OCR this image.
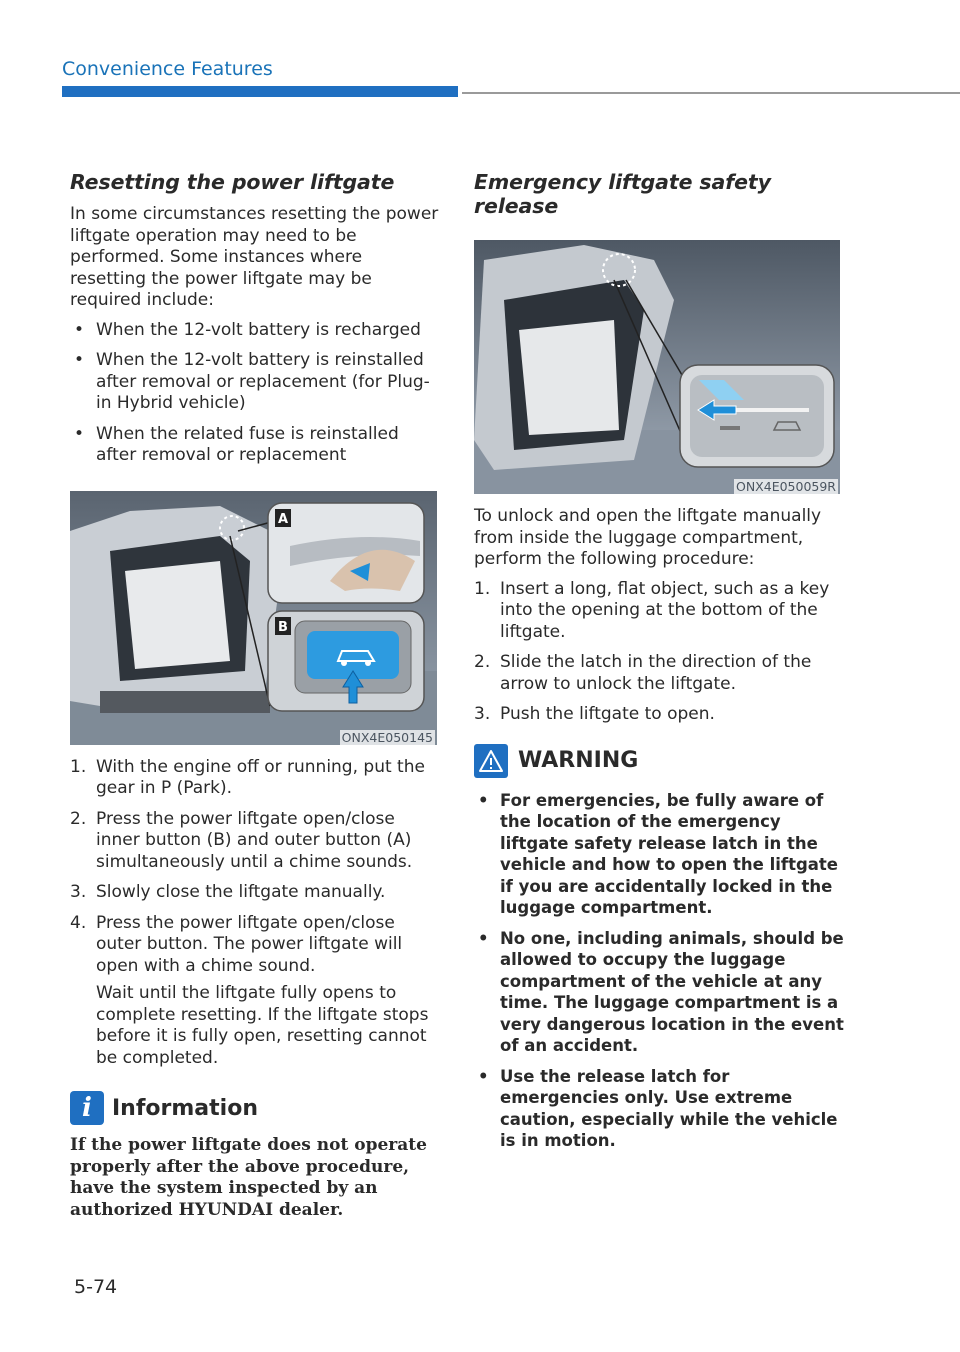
Convenience Features
Resetting the power liftgate

In some circumstances resetting the power liftgate operation may need to be performed. Some instances where resetting the power liftgate may be required include:

• When the 12-volt battery is recharged
• When the 12-volt battery is reinstalled after removal or replacement (for Plug-in Hybrid vehicle)
• When the related fuse is reinstalled after removal or replacement
A
B
ONX4E050145
1. With the engine off or running, put the gear in P (Park).
2. Press the power liftgate open/close inner button (B) and outer button (A) simultaneously until a chime sounds.
3. Slowly close the liftgate manually.
4. Press the power liftgate open/close outer button. The power liftgate will open with a chime sound.
Wait until the liftgate fully opens to complete resetting. If the liftgate stops before it is fully open, resetting cannot be completed.
i Information
If the power liftgate does not operate properly after the above procedure, have the system inspected by an authorized HYUNDAI dealer.
Emergency liftgate safety release
ONX4E050059R

To unlock and open the liftgate manually from inside the luggage compartment, perform the following procedure:

1. Insert a long, flat object, such as a key into the opening at the bottom of the liftgate.
2. Slide the latch in the direction of the arrow to unlock the liftgate.
3. Push the liftgate to open.
WARNING
• For emergencies, be fully aware of the location of the emergency liftgate safety release latch in the vehicle and how to open the liftgate if you are accidentally locked in the luggage compartment.
• No one, including animals, should be allowed to occupy the luggage compartment of the vehicle at any time. The luggage compartment is a very dangerous location in the event of an accident.
• Use the release latch for emergencies only. Use extreme caution, especially while the vehicle is in motion.
5-74
